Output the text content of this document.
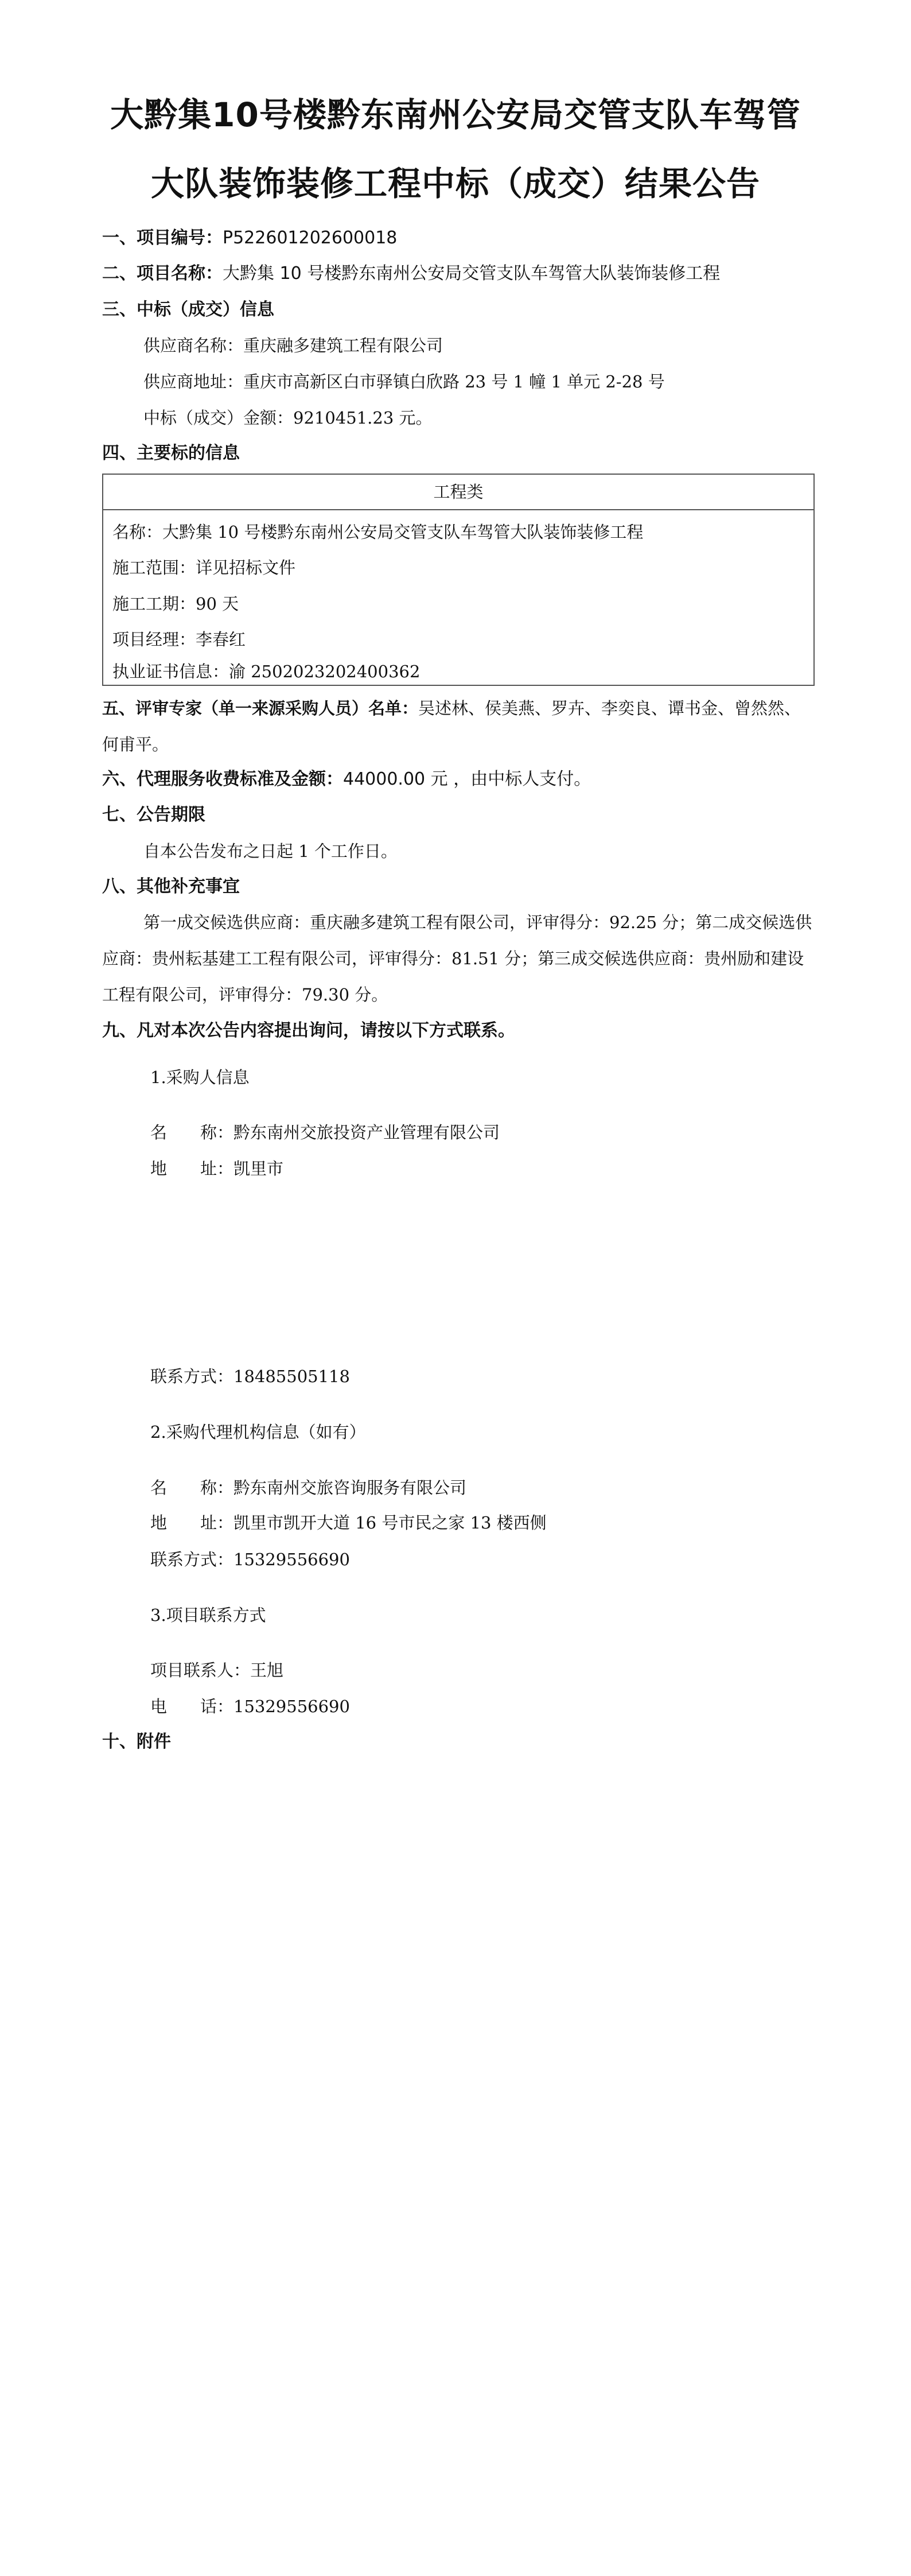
大黔集10号楼黔东南州公安局交管支队车驾管
大队装饰装修工程中标（成交）结果公告
一、项目编号：P522601202600018
二、项目名称：大黔集 10 号楼黔东南州公安局交管支队车驾管大队装饰装修工程
三、中标（成交）信息
供应商名称：重庆融多建筑工程有限公司
供应商地址：重庆市高新区白市驿镇白欣路 23 号 1 幢 1 单元 2-28 号
中标（成交）金额：9210451.23 元。
四、主要标的信息
工程类
名称：大黔集 10 号楼黔东南州公安局交管支队车驾管大队装饰装修工程
施工范围：详见招标文件
施工工期：90 天
项目经理：李春红
执业证书信息：渝 2502023202400362
五、评审专家（单一来源采购人员）名单：吴述林、侯美燕、罗卉、李奕良、谭书金、曾然然、何甫平。
六、代理服务收费标准及金额：44000.00 元 ，由中标人支付。
七、公告期限
自本公告发布之日起 1 个工作日。
八、其他补充事宜
第一成交候选供应商：重庆融多建筑工程有限公司，评审得分：92.25 分；第二成交候选供应商：贵州耘基建工工程有限公司，评审得分：81.51 分；第三成交候选供应商：贵州励和建设工程有限公司，评审得分：79.30 分。
九、凡对本次公告内容提出询问，请按以下方式联系。
1.采购人信息
名　　称：黔东南州交旅投资产业管理有限公司
地　　址：凯里市
联系方式：18485505118
2.采购代理机构信息（如有）
名　　称：黔东南州交旅咨询服务有限公司
地　　址：凯里市凯开大道 16 号市民之家 13 楼西侧
联系方式：15329556690
3.项目联系方式
项目联系人：王旭
电　　话：15329556690
十、附件
